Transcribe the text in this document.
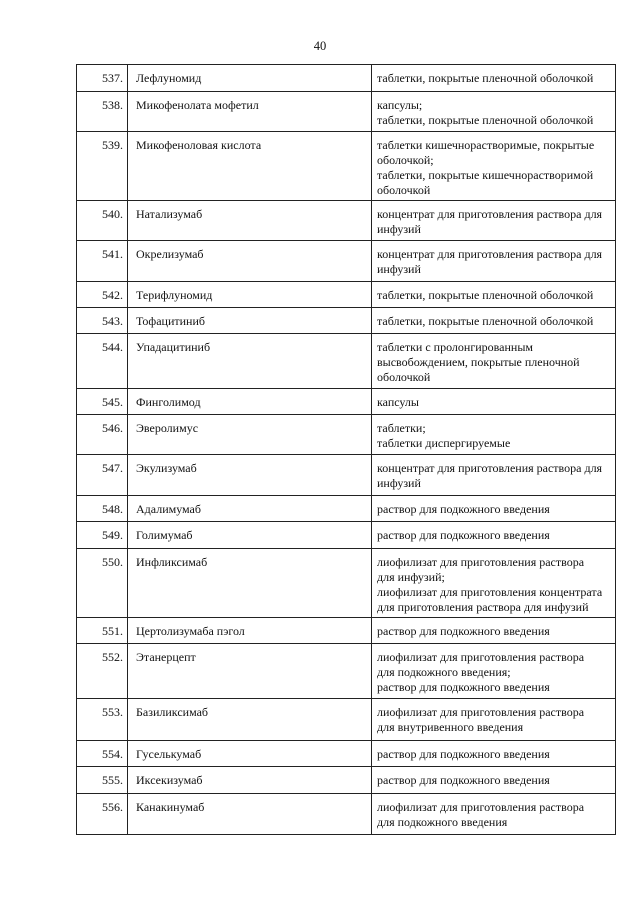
40
537.	Лефлуномид	таблетки, покрытые пленочной оболочкой

538.	Микофенолата мофетил	капсулы;
таблетки, покрытые пленочной оболочкой

539.	Микофеноловая кислота	таблетки кишечнорастворимые, покрытые
оболочкой;
таблетки, покрытые кишечнорастворимой
оболочкой

540.	Натализумаб	концентрат для приготовления раствора для
инфузий

541.	Окрелизумаб	концентрат для приготовления раствора для
инфузий

542.	Терифлуномид	таблетки, покрытые пленочной оболочкой

543.	Тофацитиниб	таблетки, покрытые пленочной оболочкой

544.	Упадацитиниб	таблетки с пролонгированным
высвобождением, покрытые пленочной
оболочкой

545.	Финголимод	капсулы

546.	Эверолимус	таблетки;
таблетки диспергируемые

547.	Экулизумаб	концентрат для приготовления раствора для
инфузий

548.	Адалимумаб	раствор для подкожного введения

549.	Голимумаб	раствор для подкожного введения

550.	Инфликсимаб	лиофилизат для приготовления раствора
для инфузий;
лиофилизат для приготовления концентрата
для приготовления раствора для инфузий

551.	Цертолизумаба пэгол	раствор для подкожного введения

552.	Этанерцепт	лиофилизат для приготовления раствора
для подкожного введения;
раствор для подкожного введения

553.	Базиликсимаб	лиофилизат для приготовления раствора
для внутривенного введения

554.	Гуселькумаб	раствор для подкожного введения

555.	Иксекизумаб	раствор для подкожного введения

556.	Канакинумаб	лиофилизат для приготовления раствора
для подкожного введения
